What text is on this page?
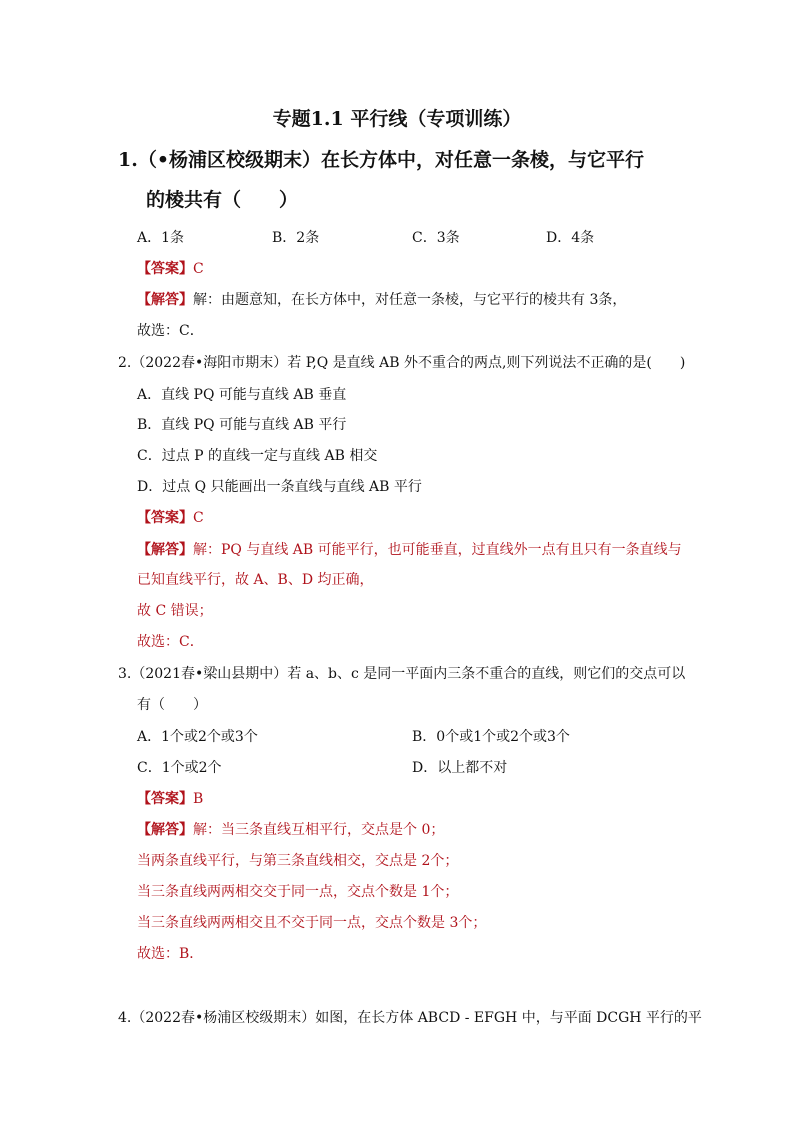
专题1.1 平行线（专项训练）
1.（•杨浦区校级期末）在长方体中，对任意一条棱，与它平行
的棱共有（　　）
A．1条	B．2条	C．3条	D．4条
【答案】C
【解答】解：由题意知，在长方体中，对任意一条棱，与它平行的棱共有 3条，
故选：C．
2.（2022春•海阳市期末）若 P,Q 是直线 AB 外不重合的两点,则下列说法不正确的是(　　)
A．直线 PQ 可能与直线 AB 垂直
B．直线 PQ 可能与直线 AB 平行
C．过点 P 的直线一定与直线 AB 相交
D．过点 Q 只能画出一条直线与直线 AB 平行
【答案】C
【解答】解：PQ 与直线 AB 可能平行，也可能垂直，过直线外一点有且只有一条直线与
已知直线平行，故 A、B、D 均正确，
故 C 错误；
故选：C．
3.（2021春•梁山县期中）若 a、b、c 是同一平面内三条不重合的直线，则它们的交点可以
有（　　）
A．1个或2个或3个	B．0个或1个或2个或3个
C．1个或2个	D．以上都不对
【答案】B
【解答】解：当三条直线互相平行，交点是个 0；
当两条直线平行，与第三条直线相交，交点是 2个；
当三条直线两两相交交于同一点，交点个数是 1个；
当三条直线两两相交且不交于同一点，交点个数是 3个；
故选：B．
4.（2022春•杨浦区校级期末）如图，在长方体 ABCD - EFGH 中，与平面 DCGH 平行的平
